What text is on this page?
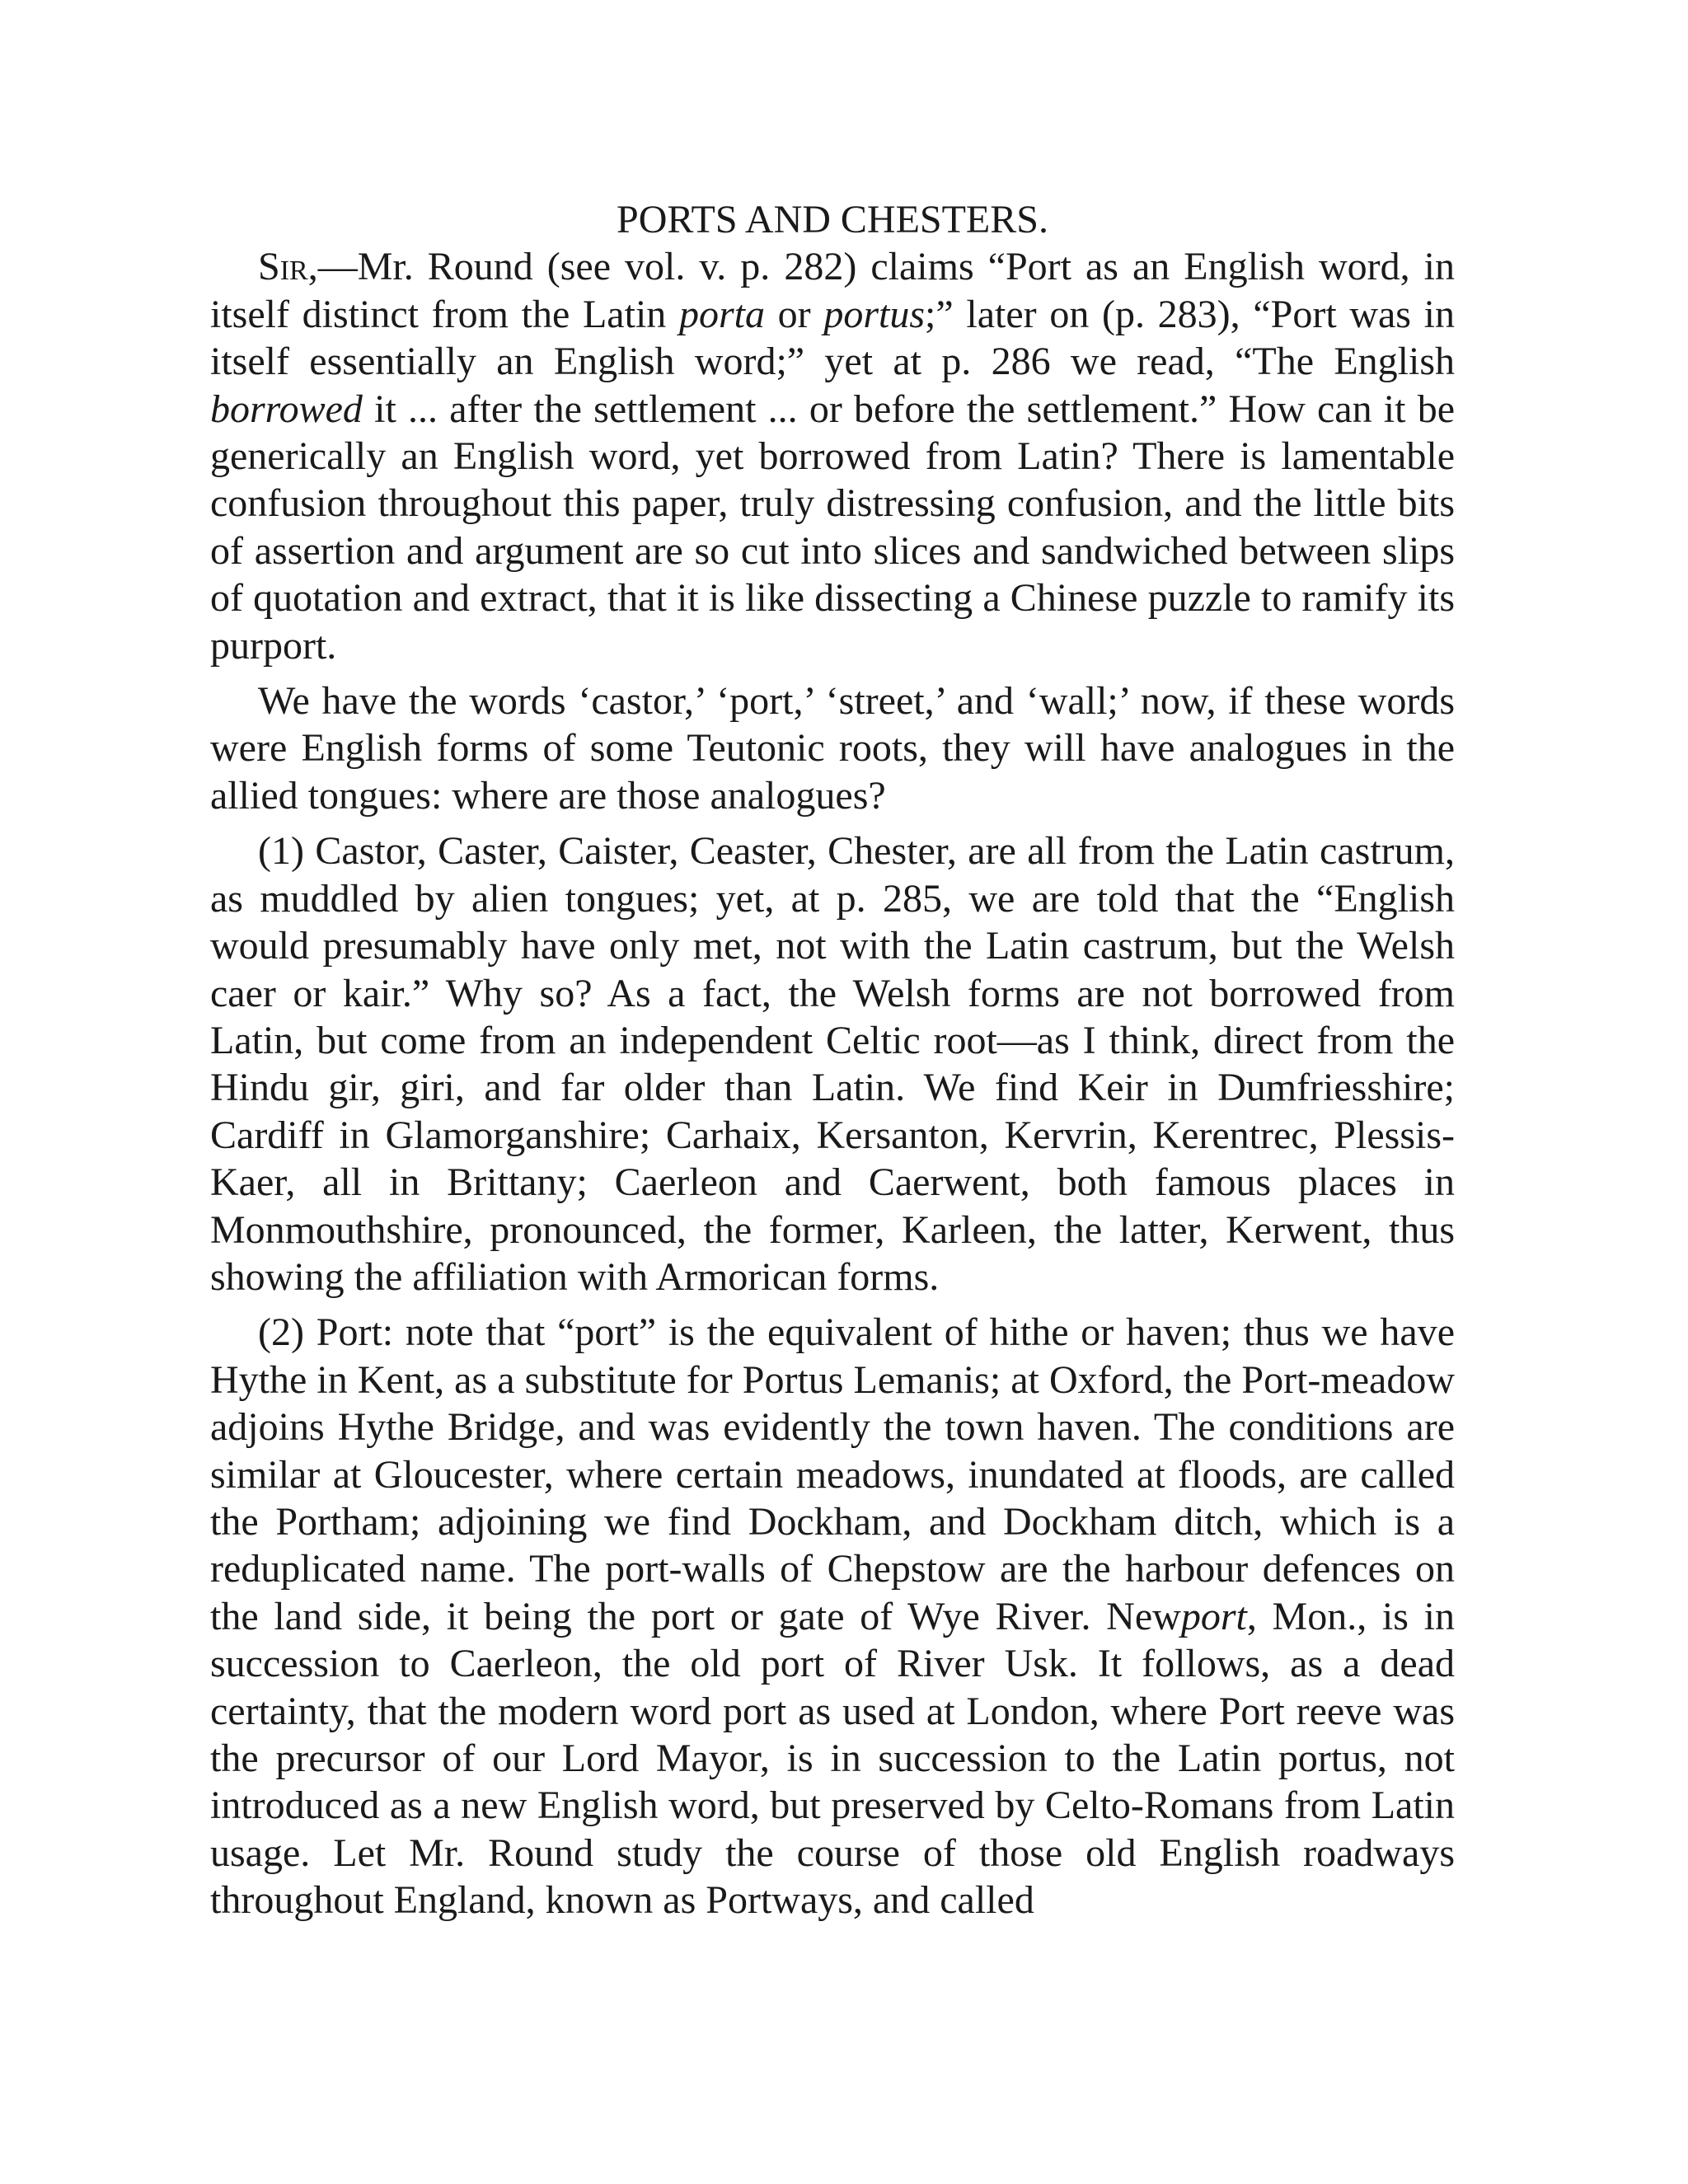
PORTS AND CHESTERS.

Sir,—Mr. Round (see vol. v. p. 282) claims “Port as an English word, in itself distinct from the Latin porta or portus;” later on (p. 283), “Port was in itself essentially an English word;” yet at p. 286 we read, “The English borrowed it ... after the settlement ... or before the settlement.” How can it be generically an English word, yet borrowed from Latin? There is lamentable confusion throughout this paper, truly distressing confusion, and the little bits of assertion and argument are so cut into slices and sandwiched between slips of quotation and extract, that it is like dissecting a Chinese puzzle to ramify its purport.

We have the words ‘castor,’ ‘port,’ ‘street,’ and ‘wall;’ now, if these words were English forms of some Teutonic roots, they will have analogues in the allied tongues: where are those analogues?

(1) Castor, Caster, Caister, Ceaster, Chester, are all from the Latin castrum, as muddled by alien tongues; yet, at p. 285, we are told that the “English would presumably have only met, not with the Latin castrum, but the Welsh caer or kair.” Why so? As a fact, the Welsh forms are not borrowed from Latin, but come from an independent Celtic root—as I think, direct from the Hindu gir, giri, and far older than Latin. We find Keir in Dumfriesshire; Cardiff in Glamorganshire; Carhaix, Kersanton, Kervrin, Kerentrec, Plessis-Kaer, all in Brittany; Caerleon and Caerwent, both famous places in Monmouthshire, pronounced, the former, Karleen, the latter, Kerwent, thus showing the affiliation with Armorican forms.

(2) Port: note that “port” is the equivalent of hithe or haven; thus we have Hythe in Kent, as a substitute for Portus Lemanis; at Oxford, the Port-meadow adjoins Hythe Bridge, and was evidently the town haven. The conditions are similar at Gloucester, where certain meadows, inundated at floods, are called the Portham; adjoining we find Dockham, and Dockham ditch, which is a reduplicated name. The port-walls of Chepstow are the harbour defences on the land side, it being the port or gate of Wye River. Newport, Mon., is in succession to Caerleon, the old port of River Usk. It follows, as a dead certainty, that the modern word port as used at London, where Port reeve was the precursor of our Lord Mayor, is in succession to the Latin portus, not introduced as a new English word, but preserved by Celto-Romans from Latin usage. Let Mr. Round study the course of those old English roadways throughout England, known as Portways, and called
